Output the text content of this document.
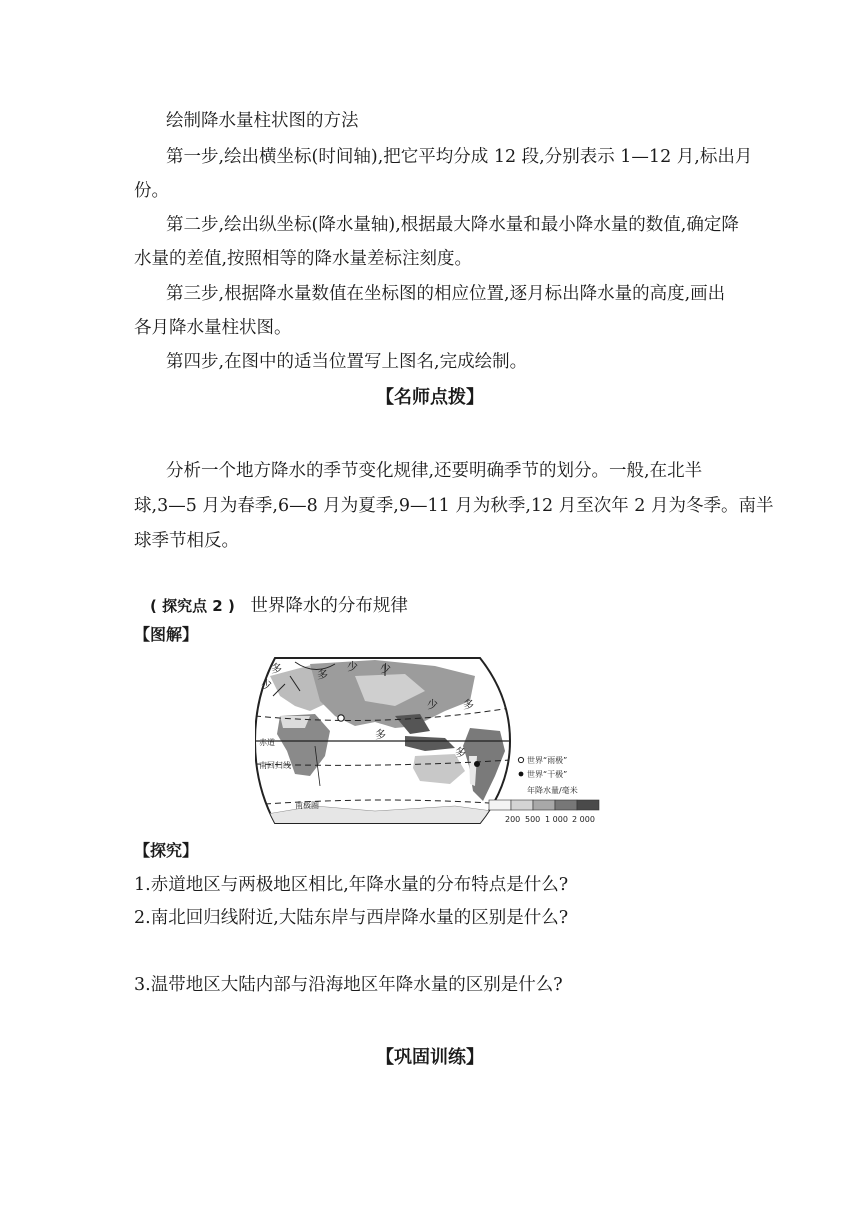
绘制降水量柱状图的方法
第一步,绘出横坐标(时间轴),把它平均分成 12 段,分别表示 1—12 月,标出月
份。
第二步,绘出纵坐标(降水量轴),根据最大降水量和最小降水量的数值,确定降
水量的差值,按照相等的降水量差标注刻度。
第三步,根据降水量数值在坐标图的相应位置,逐月标出降水量的高度,画出
各月降水量柱状图。
第四步,在图中的适当位置写上图名,完成绘制。
【名师点拨】
分析一个地方降水的季节变化规律,还要明确季节的划分。一般,在北半
球,3—5 月为春季,6—8 月为夏季,9—11 月为秋季,12 月至次年 2 月为冬季。南半
球季节相反。
( 探究点 2 ) 世界降水的分布规律
【图解】
多
少
多
少 少
少 多
多
多
赤道
南回归线
南极圈
世界“雨极”
世界“干极”
年降水量/毫米
200 500 1 000 2 000
【探究】
1.赤道地区与两极地区相比,年降水量的分布特点是什么?
2.南北回归线附近,大陆东岸与西岸降水量的区别是什么?
3.温带地区大陆内部与沿海地区年降水量的区别是什么?
【巩固训练】
